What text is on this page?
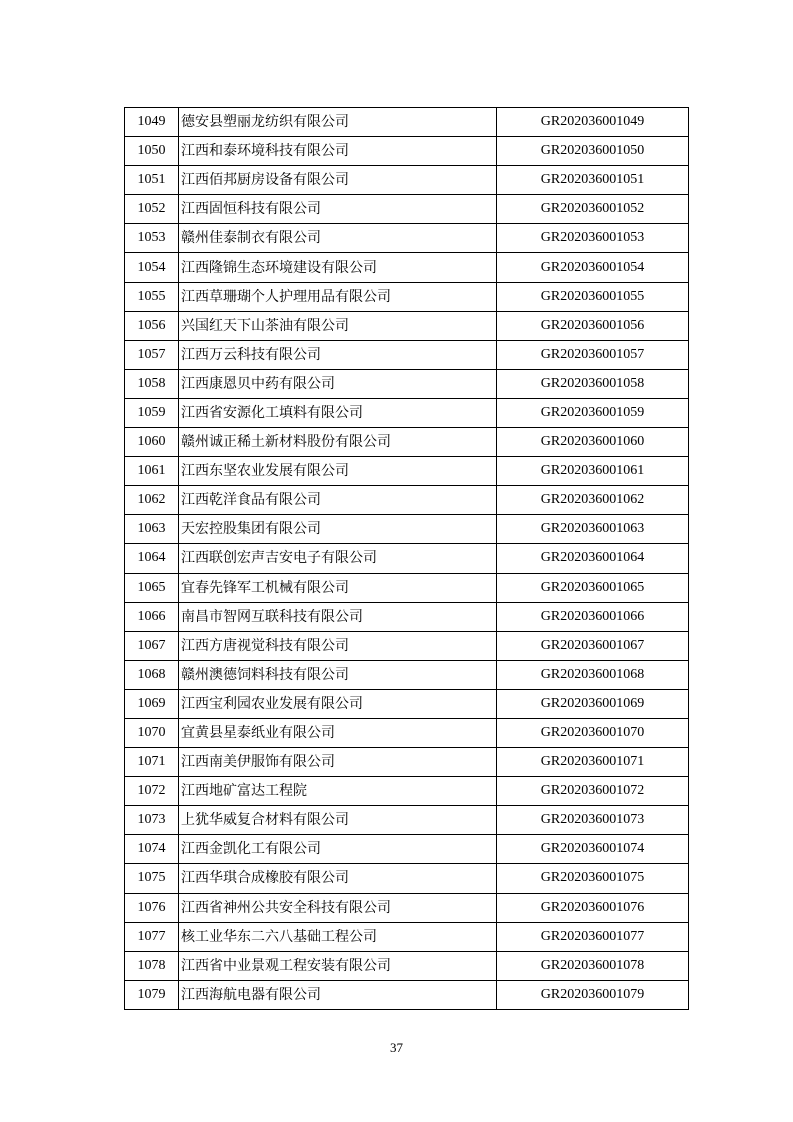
1049	德安县塑丽龙纺织有限公司	GR202036001049
1050	江西和泰环境科技有限公司	GR202036001050
1051	江西佰邦厨房设备有限公司	GR202036001051
1052	江西固恒科技有限公司	GR202036001052
1053	赣州佳泰制衣有限公司	GR202036001053
1054	江西隆锦生态环境建设有限公司	GR202036001054
1055	江西草珊瑚个人护理用品有限公司	GR202036001055
1056	兴国红天下山茶油有限公司	GR202036001056
1057	江西万云科技有限公司	GR202036001057
1058	江西康恩贝中药有限公司	GR202036001058
1059	江西省安源化工填料有限公司	GR202036001059
1060	赣州诚正稀土新材料股份有限公司	GR202036001060
1061	江西东坚农业发展有限公司	GR202036001061
1062	江西乾洋食品有限公司	GR202036001062
1063	天宏控股集团有限公司	GR202036001063
1064	江西联创宏声吉安电子有限公司	GR202036001064
1065	宜春先锋军工机械有限公司	GR202036001065
1066	南昌市智网互联科技有限公司	GR202036001066
1067	江西方唐视觉科技有限公司	GR202036001067
1068	赣州澳德饲料科技有限公司	GR202036001068
1069	江西宝利园农业发展有限公司	GR202036001069
1070	宜黄县星泰纸业有限公司	GR202036001070
1071	江西南美伊服饰有限公司	GR202036001071
1072	江西地矿富达工程院	GR202036001072
1073	上犹华威复合材料有限公司	GR202036001073
1074	江西金凯化工有限公司	GR202036001074
1075	江西华琪合成橡胶有限公司	GR202036001075
1076	江西省神州公共安全科技有限公司	GR202036001076
1077	核工业华东二六八基础工程公司	GR202036001077
1078	江西省中业景观工程安装有限公司	GR202036001078
1079	江西海航电器有限公司	GR202036001079
37
